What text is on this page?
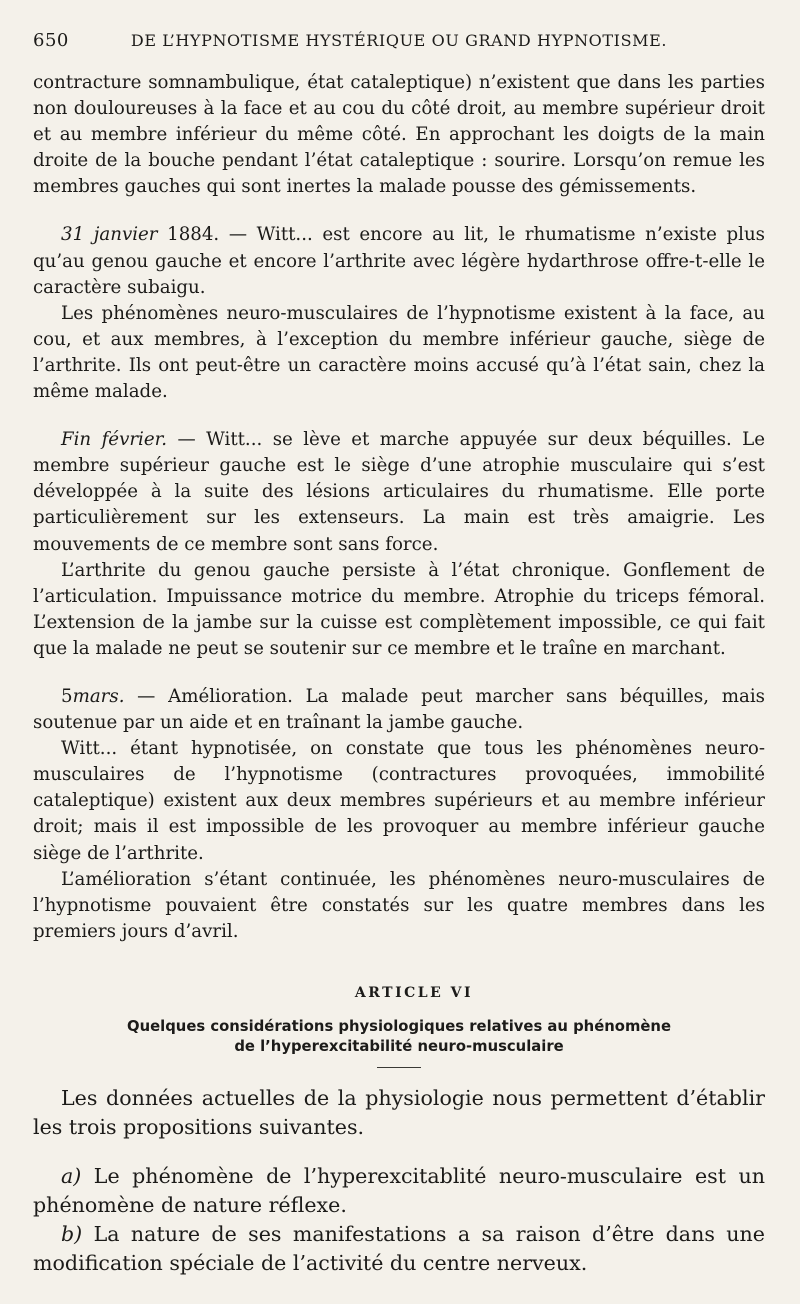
650	DE L’HYPNOTISME HYSTÉRIQUE OU GRAND HYPNOTISME.

contracture somnambulique, état cataleptique) n’existent que dans les parties non douloureuses à la face et au cou du côté droit, au membre supérieur droit et au membre inférieur du même côté. En approchant les doigts de la main droite de la bouche pendant l’état cataleptique : sourire. Lorsqu’on remue les membres gauches qui sont inertes la malade pousse des gémissements.

31 janvier 1884. — Witt... est encore au lit, le rhumatisme n’existe plus qu’au genou gauche et encore l’arthrite avec légère hydarthrose offre-t-elle le caractère subaigu.

Les phénomènes neuro-musculaires de l’hypnotisme existent à la face, au cou, et aux membres, à l’exception du membre inférieur gauche, siège de l’arthrite. Ils ont peut-être un caractère moins accusé qu’à l’état sain, chez la même malade.

Fin février. — Witt... se lève et marche appuyée sur deux béquilles. Le membre supérieur gauche est le siège d’une atrophie musculaire qui s’est développée à la suite des lésions articulaires du rhumatisme. Elle porte particulièrement sur les extenseurs. La main est très amaigrie. Les mouvements de ce membre sont sans force.

L’arthrite du genou gauche persiste à l’état chronique. Gonflement de l’articulation. Impuissance motrice du membre. Atrophie du triceps fémoral. L’extension de la jambe sur la cuisse est complètement impossible, ce qui fait que la malade ne peut se soutenir sur ce membre et le traîne en marchant.

5mars. — Amélioration. La malade peut marcher sans béquilles, mais soutenue par un aide et en traînant la jambe gauche.

Witt... étant hypnotisée, on constate que tous les phénomènes neuro-musculaires de l’hypnotisme (contractures provoquées, immobilité cataleptique) existent aux deux membres supérieurs et au membre inférieur droit; mais il est impossible de les provoquer au membre inférieur gauche siège de l’arthrite.

L’amélioration s’étant continuée, les phénomènes neuro-musculaires de l’hypnotisme pouvaient être constatés sur les quatre membres dans les premiers jours d’avril.

ARTICLE VI
Quelques considérations physiologiques relatives au phénomène
de l’hyperexcitabilité neuro-musculaire

Les données actuelles de la physiologie nous permettent d’établir les trois propositions suivantes.

a) Le phénomène de l’hyperexcitablité neuro-musculaire est un phénomène de nature réflexe.

b) La nature de ses manifestations a sa raison d’être dans une modification spéciale de l’activité du centre nerveux.
